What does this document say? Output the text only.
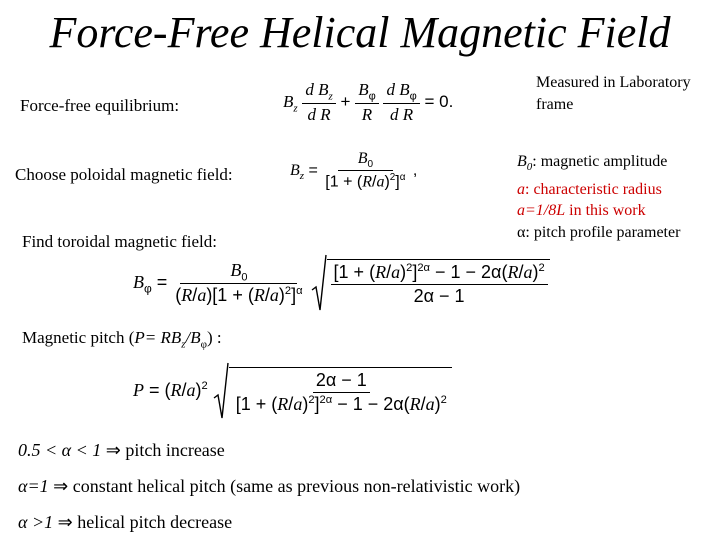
Force-Free Helical Magnetic Field
Force-free equilibrium:	$B_z \frac{d B_z}{\text{d R}} + \frac{B_\varphi}{R}$
$\frac{d B_\varphi}{\text{d R}} = 0$.
Measured in Laboratory frame
Choose poloidal magnetic field:	$B_z = \frac{B_0}{[1 + (R/a)^2]^\alpha}$ ,
$B_0$: magnetic amplitude
a: characteristic radius
a=1/8L in this work
α: pitch profile parameter
Find toroidal magnetic field:
$B_\varphi = \frac{B_0}{(R/a)[1 + (R/a)^2]^\alpha}$
$\frac{[1 + (R/a)^2]^{2\alpha} - 1 - 2\alpha(R/a)^2}{2\alpha - 1}$
Magnetic pitch $(P= RB_z/B_\varphi)$ :
$P = (R/a)^2 \frac{2\alpha - 1}{[1 + (R/a)^2]^{2\alpha} - 1 - 2\alpha(R/a)^2}$
0.5 < α < 1 ⇒ pitch increase
α=1 ⇒ constant helical pitch (same as previous non-relativistic work)
α >1 ⇒ helical pitch decrease
